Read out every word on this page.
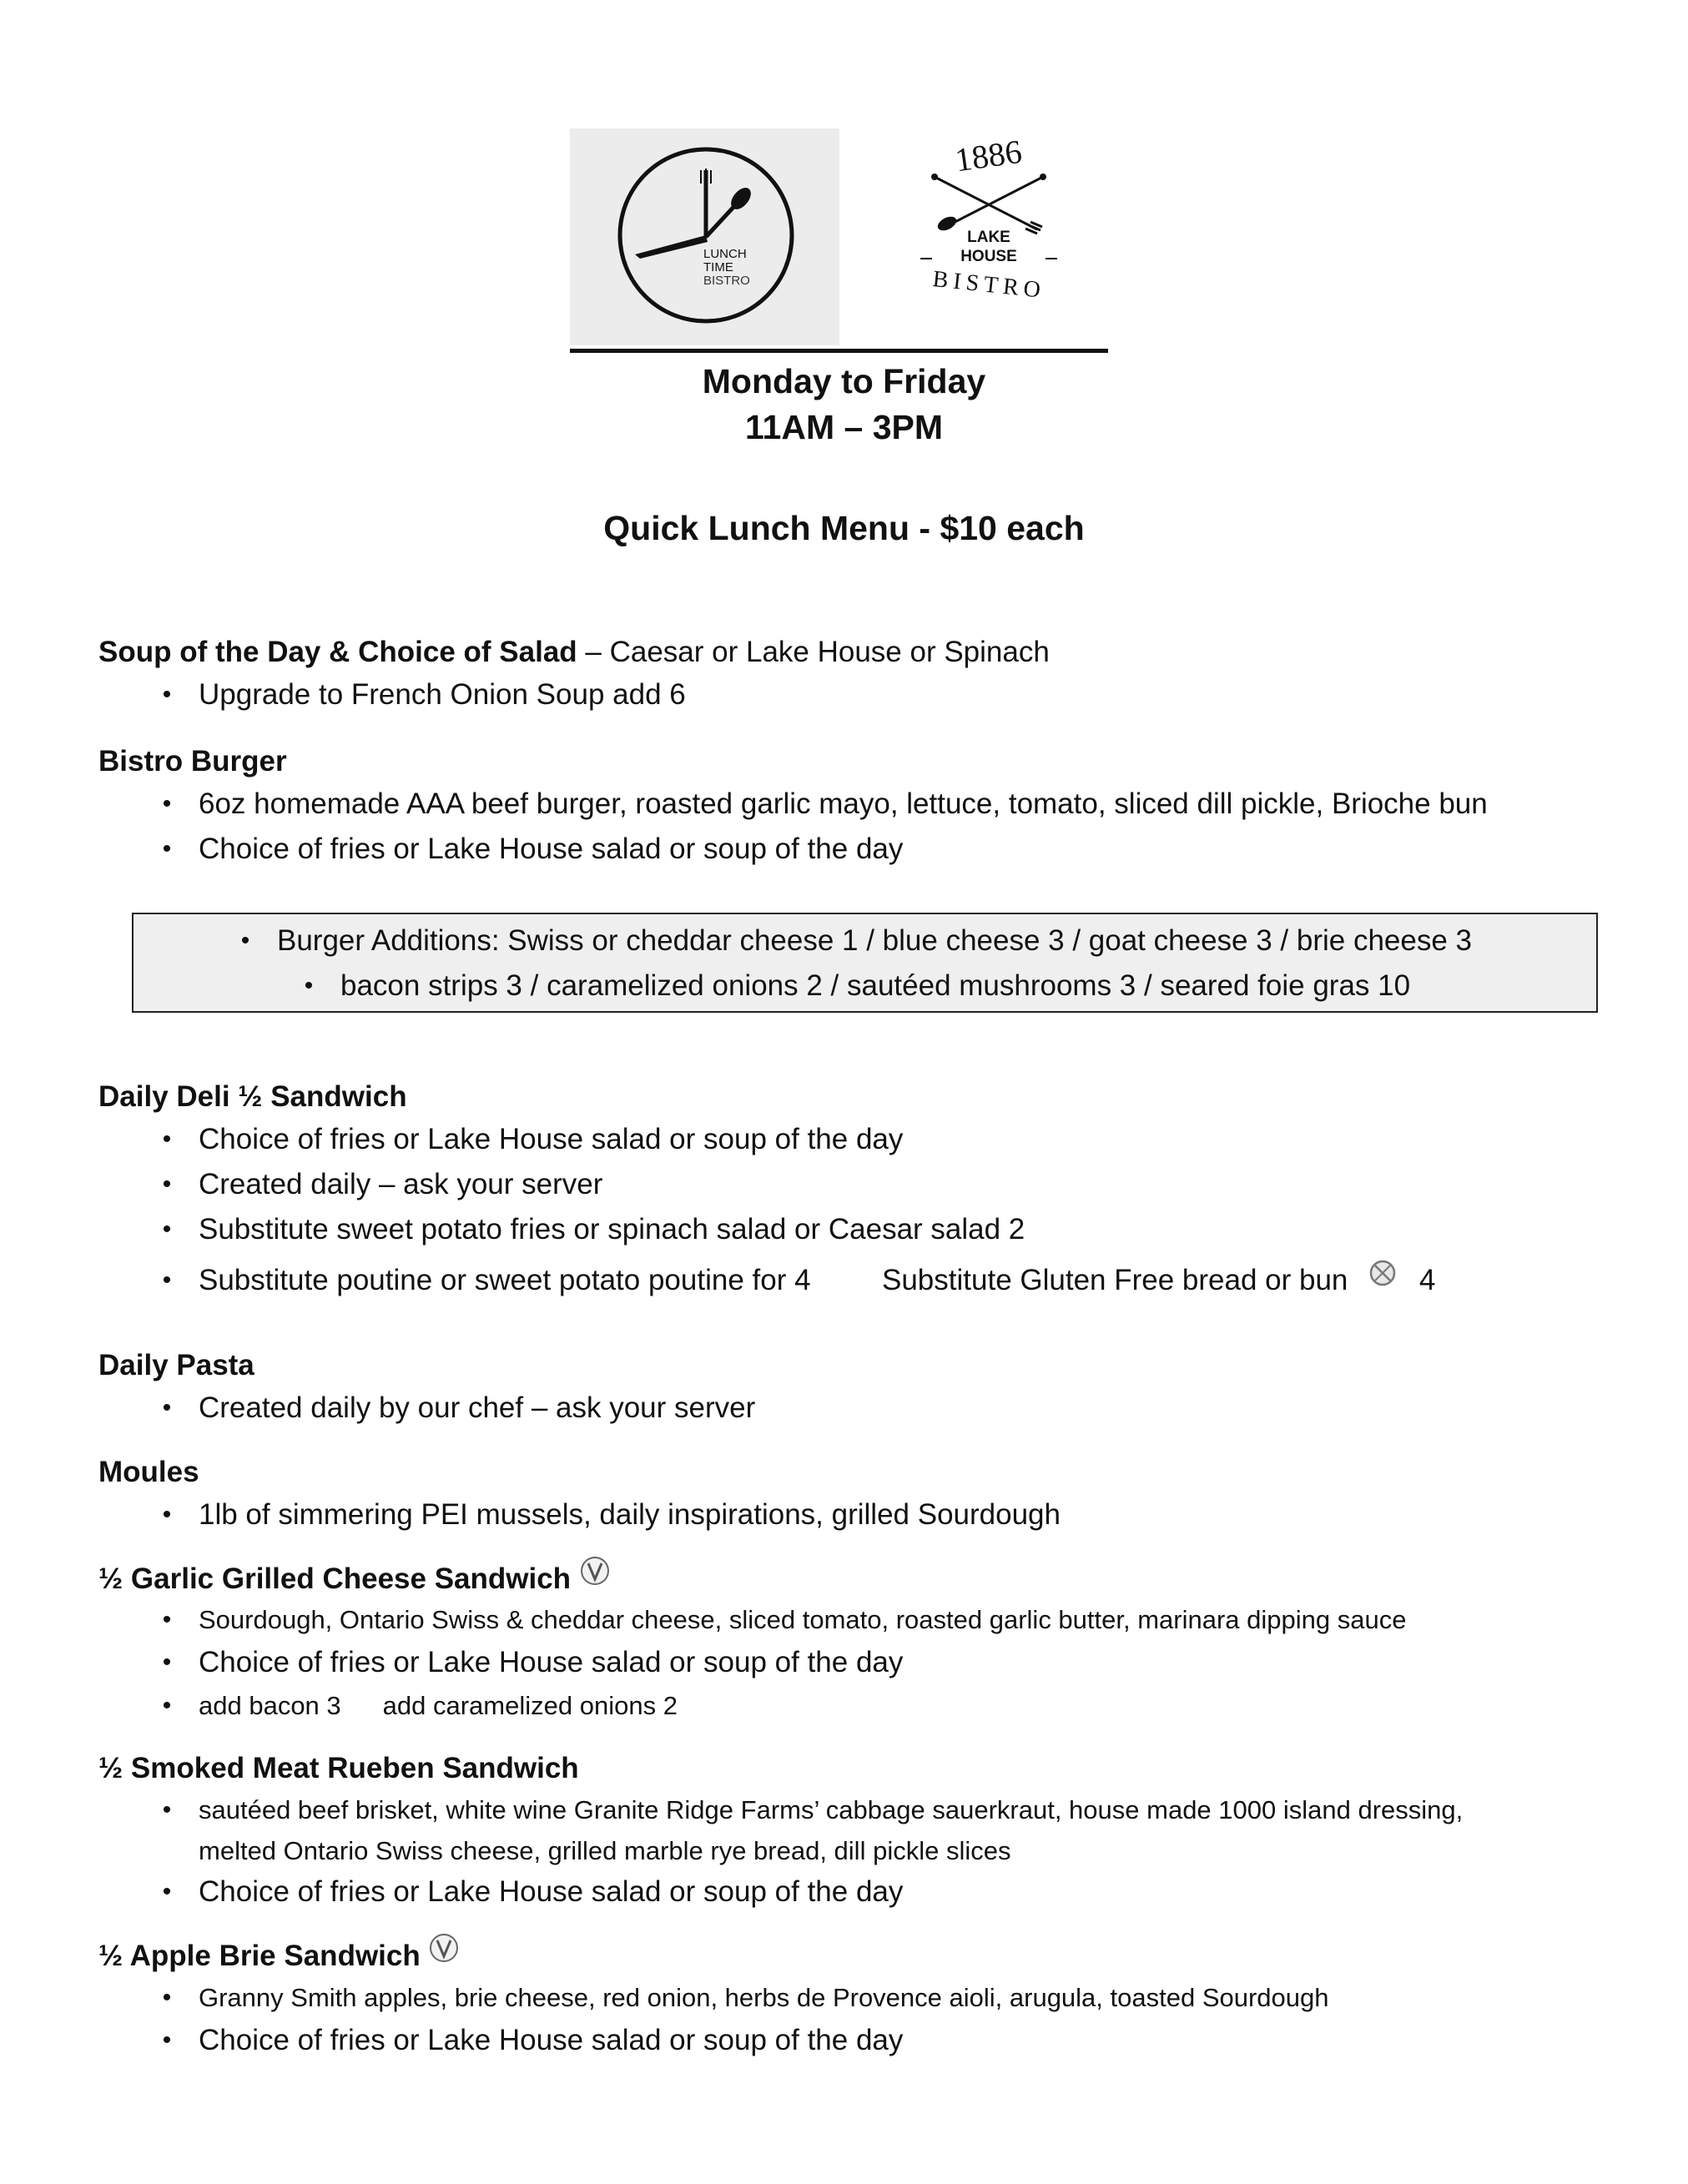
LUNCH
TIME
BISTRO
1886
LAKE
HOUSE
BISTRO
Monday to Friday
11AM – 3PM
Quick Lunch Menu - $10 each
Soup of the Day & Choice of Salad – Caesar or Lake House or Spinach
• Upgrade to French Onion Soup add 6
Bistro Burger
• 6oz homemade AAA beef burger, roasted garlic mayo, lettuce, tomato, sliced dill pickle, Brioche bun
• Choice of fries or Lake House salad or soup of the day
• Burger Additions: Swiss or cheddar cheese 1 / blue cheese 3 / goat cheese 3 / brie cheese 3
• bacon strips 3 / caramelized onions 2 / sautéed mushrooms 3 / seared foie gras 10
Daily Deli ½ Sandwich
• Choice of fries or Lake House salad or soup of the day
• Created daily – ask your server
• Substitute sweet potato fries or spinach salad or Caesar salad 2
• Substitute poutine or sweet potato poutine for 4	Substitute Gluten Free bread or bun 4
Daily Pasta
• Created daily by our chef – ask your server
Moules
• 1lb of simmering PEI mussels, daily inspirations, grilled Sourdough
½ Garlic Grilled Cheese Sandwich
• Sourdough, Ontario Swiss & cheddar cheese, sliced tomato, roasted garlic butter, marinara dipping sauce
• Choice of fries or Lake House salad or soup of the day
• add bacon 3 add caramelized onions 2
½ Smoked Meat Rueben Sandwich
• sautéed beef brisket, white wine Granite Ridge Farms’ cabbage sauerkraut, house made 1000 island dressing,
melted Ontario Swiss cheese, grilled marble rye bread, dill pickle slices
• Choice of fries or Lake House salad or soup of the day
½ Apple Brie Sandwich
• Granny Smith apples, brie cheese, red onion, herbs de Provence aioli, arugula, toasted Sourdough
• Choice of fries or Lake House salad or soup of the day
